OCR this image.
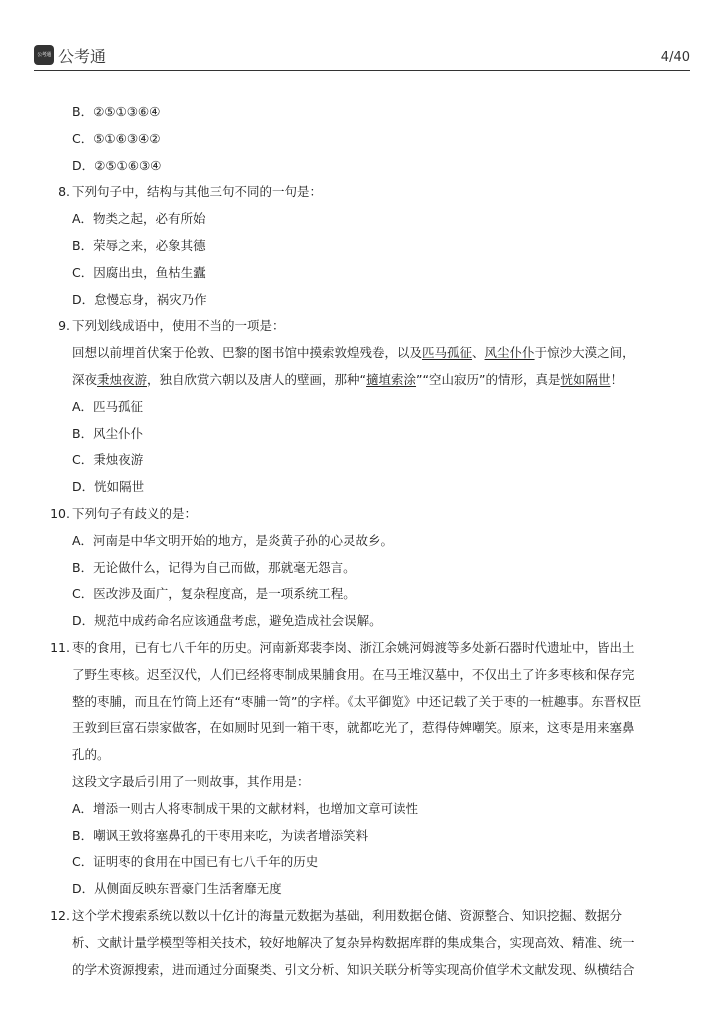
公考通 公考通	4/40
B．②⑤①③⑥④
C．⑤①⑥③④②
D．②⑤①⑥③④
8. 下列句子中，结构与其他三句不同的一句是：
A．物类之起，必有所始
B．荣辱之来，必象其德
C．因腐出虫，鱼枯生蠹
D．怠慢忘身，祸灾乃作
9. 下列划线成语中，使用不当的一项是：
回想以前埋首伏案于伦敦、巴黎的图书馆中摸索敦煌残卷，以及匹马孤征、风尘仆仆于惊沙大漠之间，
深夜秉烛夜游，独自欣赏六朝以及唐人的壁画，那种“擿埴索涂”“空山寂历”的情形，真是恍如隔世！
A．匹马孤征
B．风尘仆仆
C．秉烛夜游
D．恍如隔世
10. 下列句子有歧义的是：
A．河南是中华文明开始的地方，是炎黄子孙的心灵故乡。
B．无论做什么，记得为自己而做，那就毫无怨言。
C．医改涉及面广，复杂程度高，是一项系统工程。
D．规范中成药命名应该通盘考虑，避免造成社会误解。
11. 枣的食用，已有七八千年的历史。河南新郑裴李岗、浙江余姚河姆渡等多处新石器时代遗址中，皆出土
了野生枣核。迟至汉代，人们已经将枣制成果脯食用。在马王堆汉墓中，不仅出土了许多枣核和保存完
整的枣脯，而且在竹筒上还有“枣脯一笥”的字样。《太平御览》中还记载了关于枣的一桩趣事。东晋权臣
王敦到巨富石崇家做客，在如厕时见到一箱干枣，就都吃光了，惹得侍婢嘲笑。原来，这枣是用来塞鼻
孔的。
这段文字最后引用了一则故事，其作用是：
A．增添一则古人将枣制成干果的文献材料，也增加文章可读性
B．嘲讽王敦将塞鼻孔的干枣用来吃，为读者增添笑料
C．证明枣的食用在中国已有七八千年的历史
D．从侧面反映东晋豪门生活奢靡无度
12. 这个学术搜索系统以数以十亿计的海量元数据为基础，利用数据仓储、资源整合、知识挖掘、数据分
析、文献计量学模型等相关技术，较好地解决了复杂异构数据库群的集成集合，实现高效、精准、统一
的学术资源搜索，进而通过分面聚类、引文分析、知识关联分析等实现高价值学术文献发现、纵横结合
